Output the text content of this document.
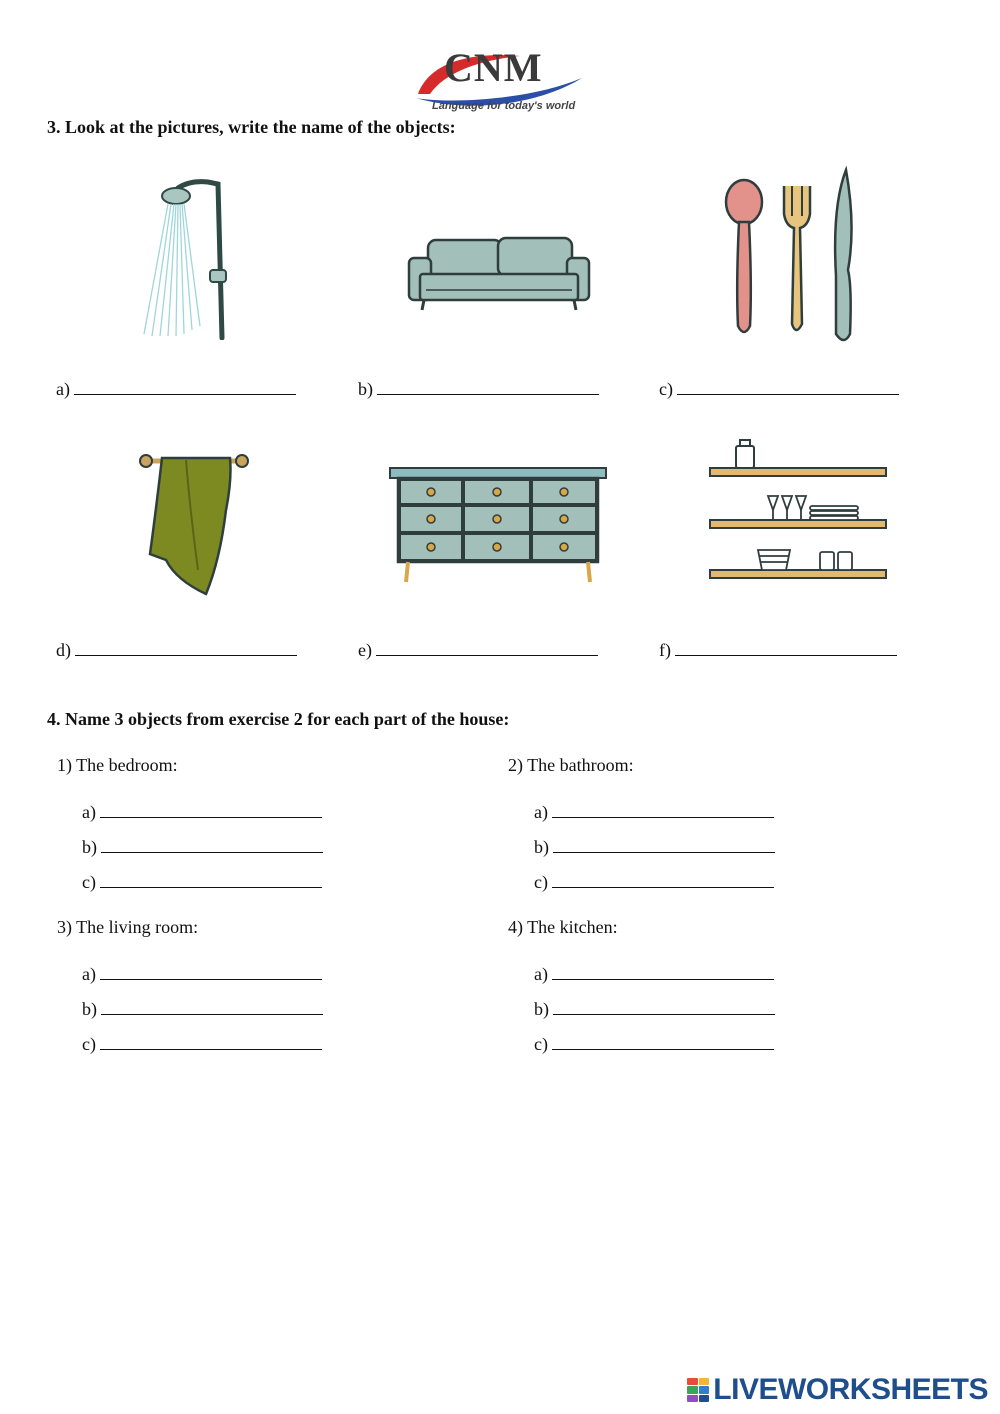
CNM
Language for today's world
3. Look at the pictures, write the name of the objects:
a)	b)	c)
d)	e)	f)
4. Name 3 objects from exercise 2 for each part of the house:
1) The bedroom:
a)
b)
c)
2) The bathroom:
a)
b)
c)
3) The living room:
a)
b)
c)
4) The kitchen:
a)
b)
c)
LIVEWORKSHEETS
